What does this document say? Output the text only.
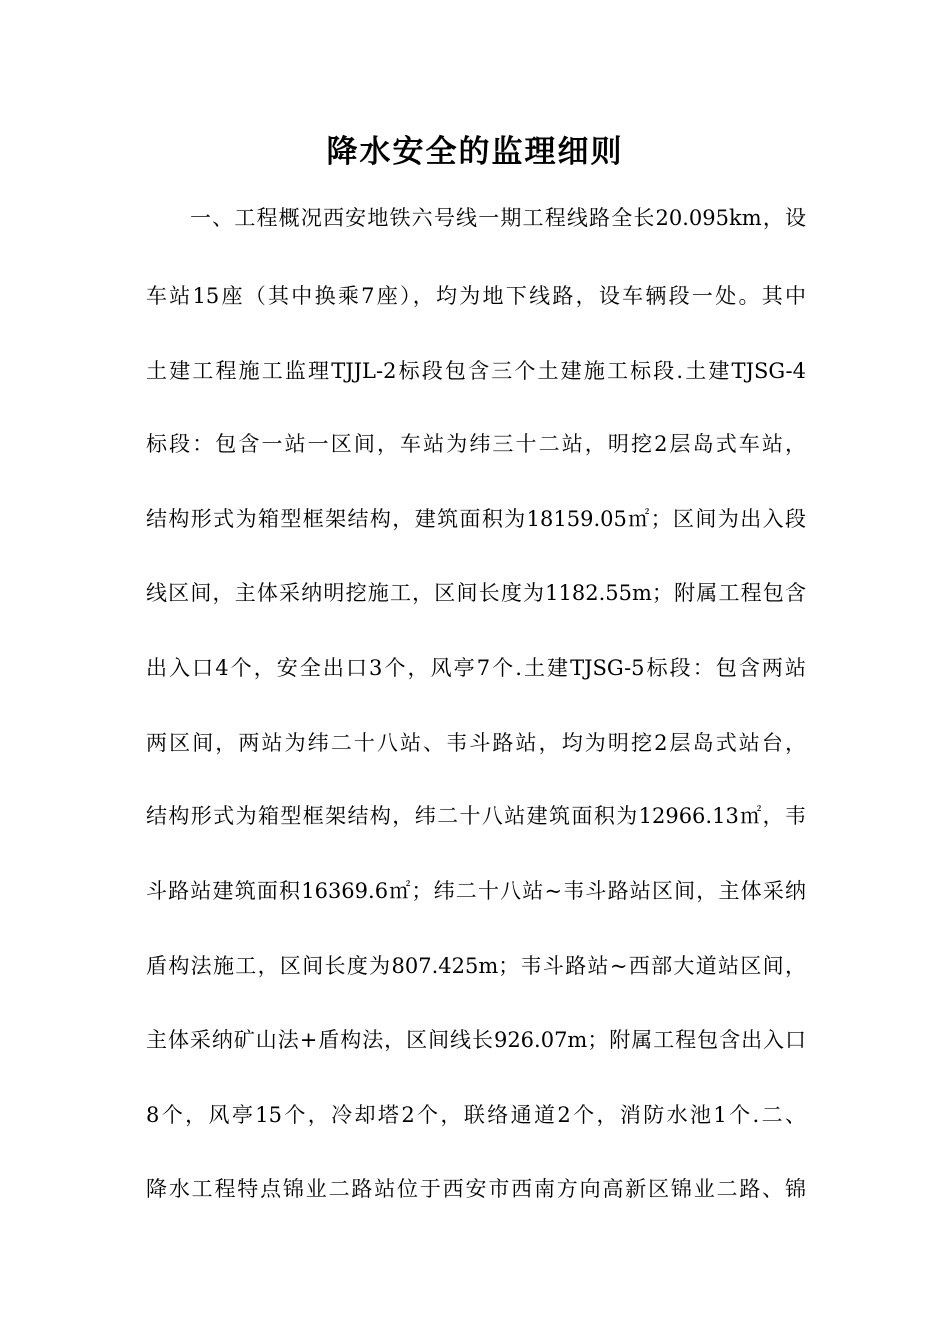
降水安全的监理细则
一、工程概况西安地铁六号线一期工程线路全长20.095km，设
车站15座（其中换乘7座），均为地下线路，设车辆段一处。其中
土建工程施工监理TJJL-2标段包含三个土建施工标段.土建TJSG-4
标段：包含一站一区间，车站为纬三十二站，明挖2层岛式车站，
结构形式为箱型框架结构，建筑面积为18159.05㎡；区间为出入段
线区间，主体采纳明挖施工，区间长度为1182.55m；附属工程包含
出入口4个，安全出口3个，风亭7个.土建TJSG-5标段：包含两站
两区间，两站为纬二十八站、韦斗路站，均为明挖2层岛式站台，
结构形式为箱型框架结构，纬二十八站建筑面积为12966.13㎡，韦
斗路站建筑面积16369.6㎡；纬二十八站~韦斗路站区间，主体采纳
盾构法施工，区间长度为807.425m；韦斗路站~西部大道站区间，
主体采纳矿山法+盾构法，区间线长926.07m；附属工程包含出入口
8个，风亭15个，冷却塔2个，联络通道2个，消防水池1个.二、
降水工程特点锦业二路站位于西安市西南方向高新区锦业二路、锦
